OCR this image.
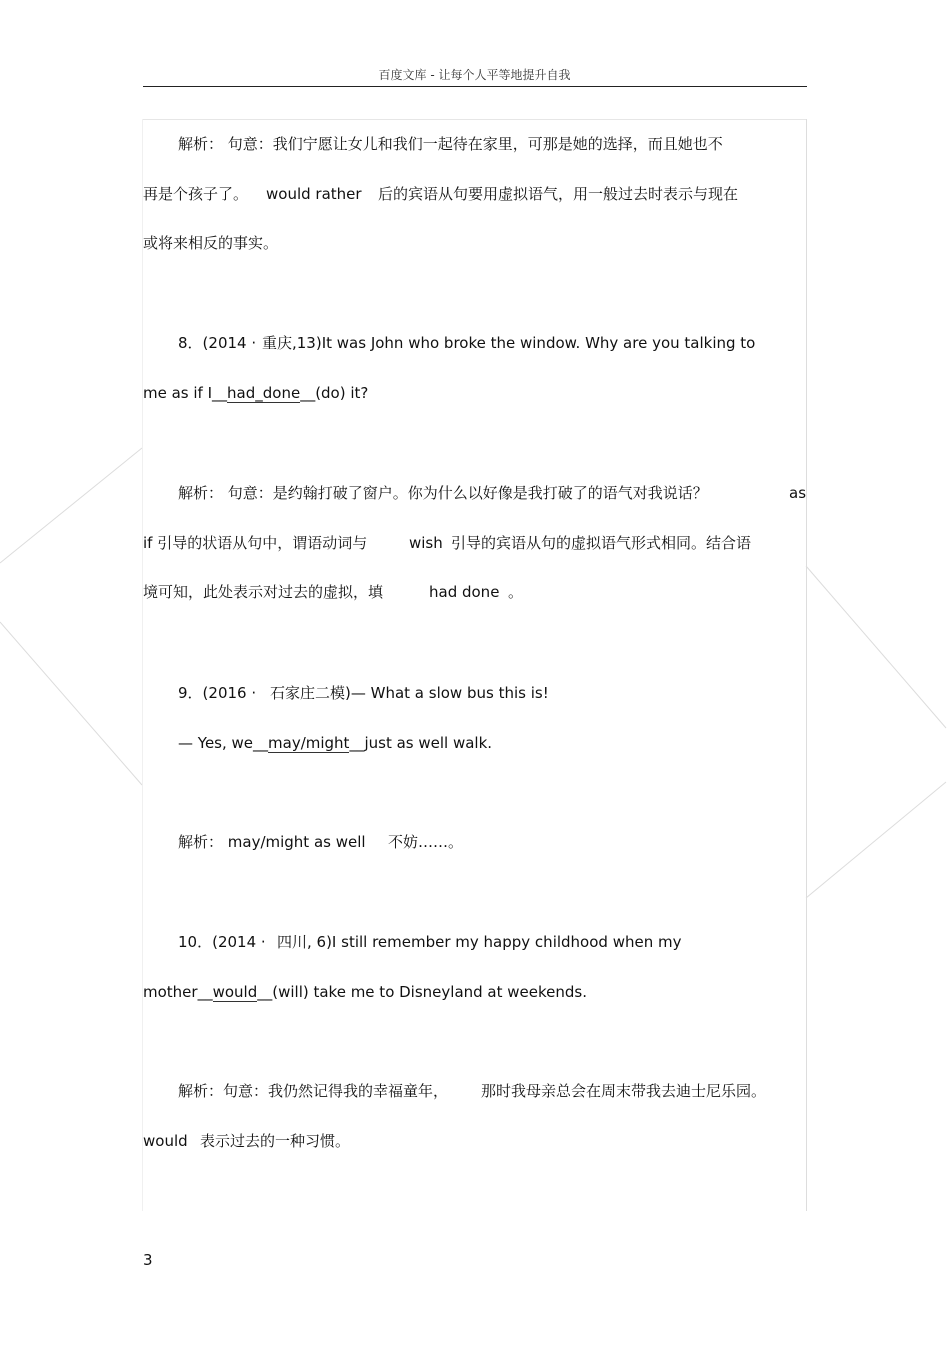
百度文库 - 让每个人平等地提升自我
解析： 句意：我们宁愿让女儿和我们一起待在家里，可那是她的选择，而且她也不
再是个孩子了。 would rather 后的宾语从句要用虚拟语气，用一般过去时表示与现在
或将来相反的事实。
8．(2014 · 重庆,13)It was John who broke the window. Why are you talking to
me as if I__had_done__(do) it?
解析： 句意：是约翰打破了窗户。你为什么以好像是我打破了的语气对我说话？	as
if 引导的状语从句中，谓语动词与	wish 引导的宾语从句的虚拟语气形式相同。结合语
境可知，此处表示对过去的虚拟，填	had done 。
9．(2016 · 石家庄二模)— What a slow bus this is!
— Yes, we__may/might__just as well walk.
解析： may/might as well 不妨……。
10．(2014 · 四川, 6)I still remember my happy childhood when my
mother__would__(will) take me to Disneyland at weekends.
解析：句意：我仍然记得我的幸福童年， 那时我母亲总会在周末带我去迪士尼乐园。
would 表示过去的一种习惯。
3
